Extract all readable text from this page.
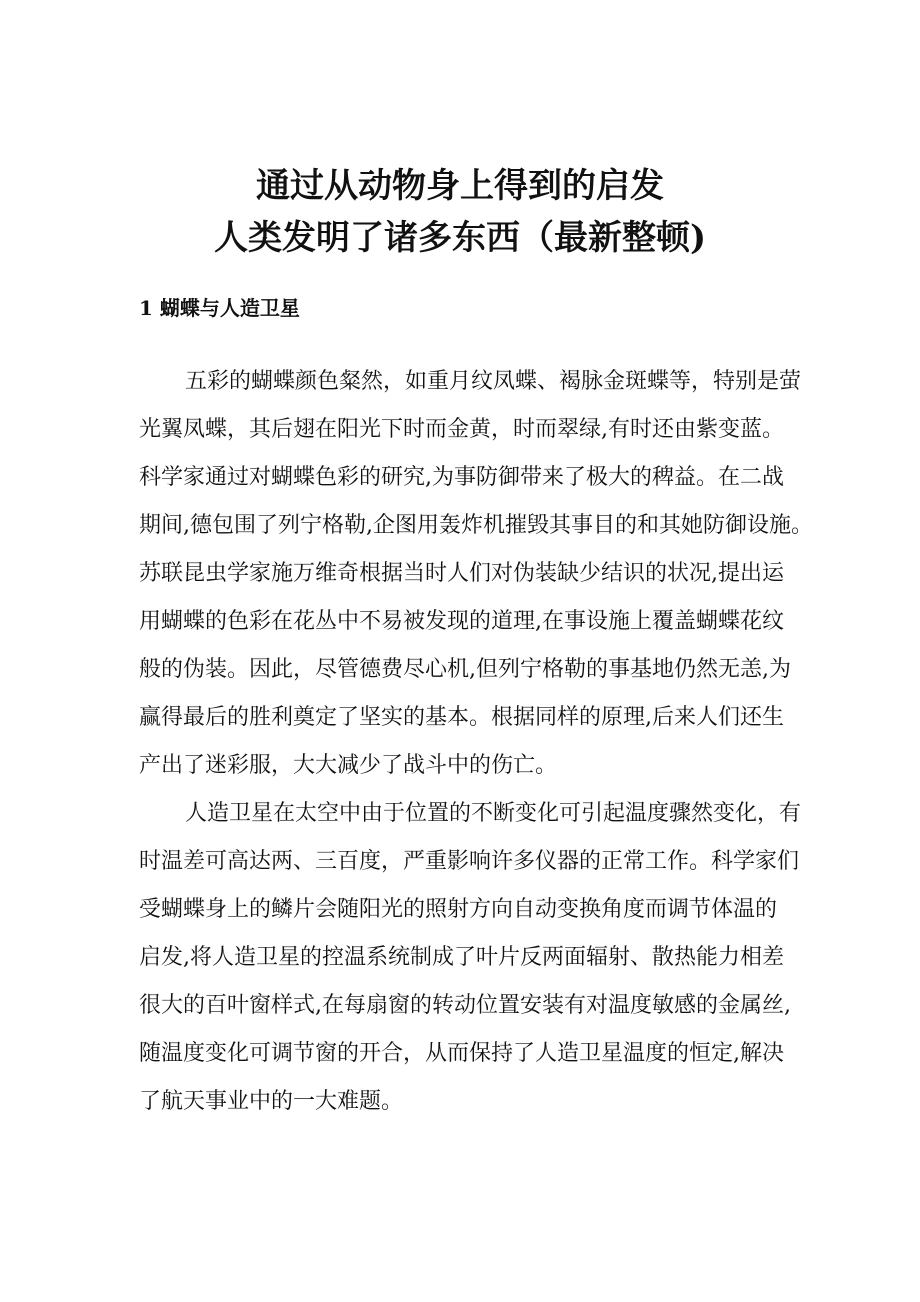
通过从动物身上得到的启发
人类发明了诸多东西（最新整顿)
1 蝴蝶与人造卫星
五彩的蝴蝶颜色粲然，如重月纹凤蝶、褐脉金斑蝶等，特别是萤
光翼凤蝶，其后翅在阳光下时而金黄，时而翠绿,有时还由紫变蓝。
科学家通过对蝴蝶色彩的研究,为事防御带来了极大的稗益。在二战
期间,德包围了列宁格勒,企图用轰炸机摧毁其事目的和其她防御设施。
苏联昆虫学家施万维奇根据当时人们对伪装缺少结识的状况,提出运
用蝴蝶的色彩在花丛中不易被发现的道理,在事设施上覆盖蝴蝶花纹
般的伪装。因此，尽管德费尽心机,但列宁格勒的事基地仍然无恙,为
赢得最后的胜利奠定了坚实的基本。根据同样的原理,后来人们还生
产出了迷彩服，大大减少了战斗中的伤亡。
人造卫星在太空中由于位置的不断变化可引起温度骤然变化，有
时温差可高达两、三百度，严重影响许多仪器的正常工作。科学家们
受蝴蝶身上的鳞片会随阳光的照射方向自动变换角度而调节体温的
启发,将人造卫星的控温系统制成了叶片反两面辐射、散热能力相差
很大的百叶窗样式,在每扇窗的转动位置安装有对温度敏感的金属丝,
随温度变化可调节窗的开合，从而保持了人造卫星温度的恒定,解决
了航天事业中的一大难题。
